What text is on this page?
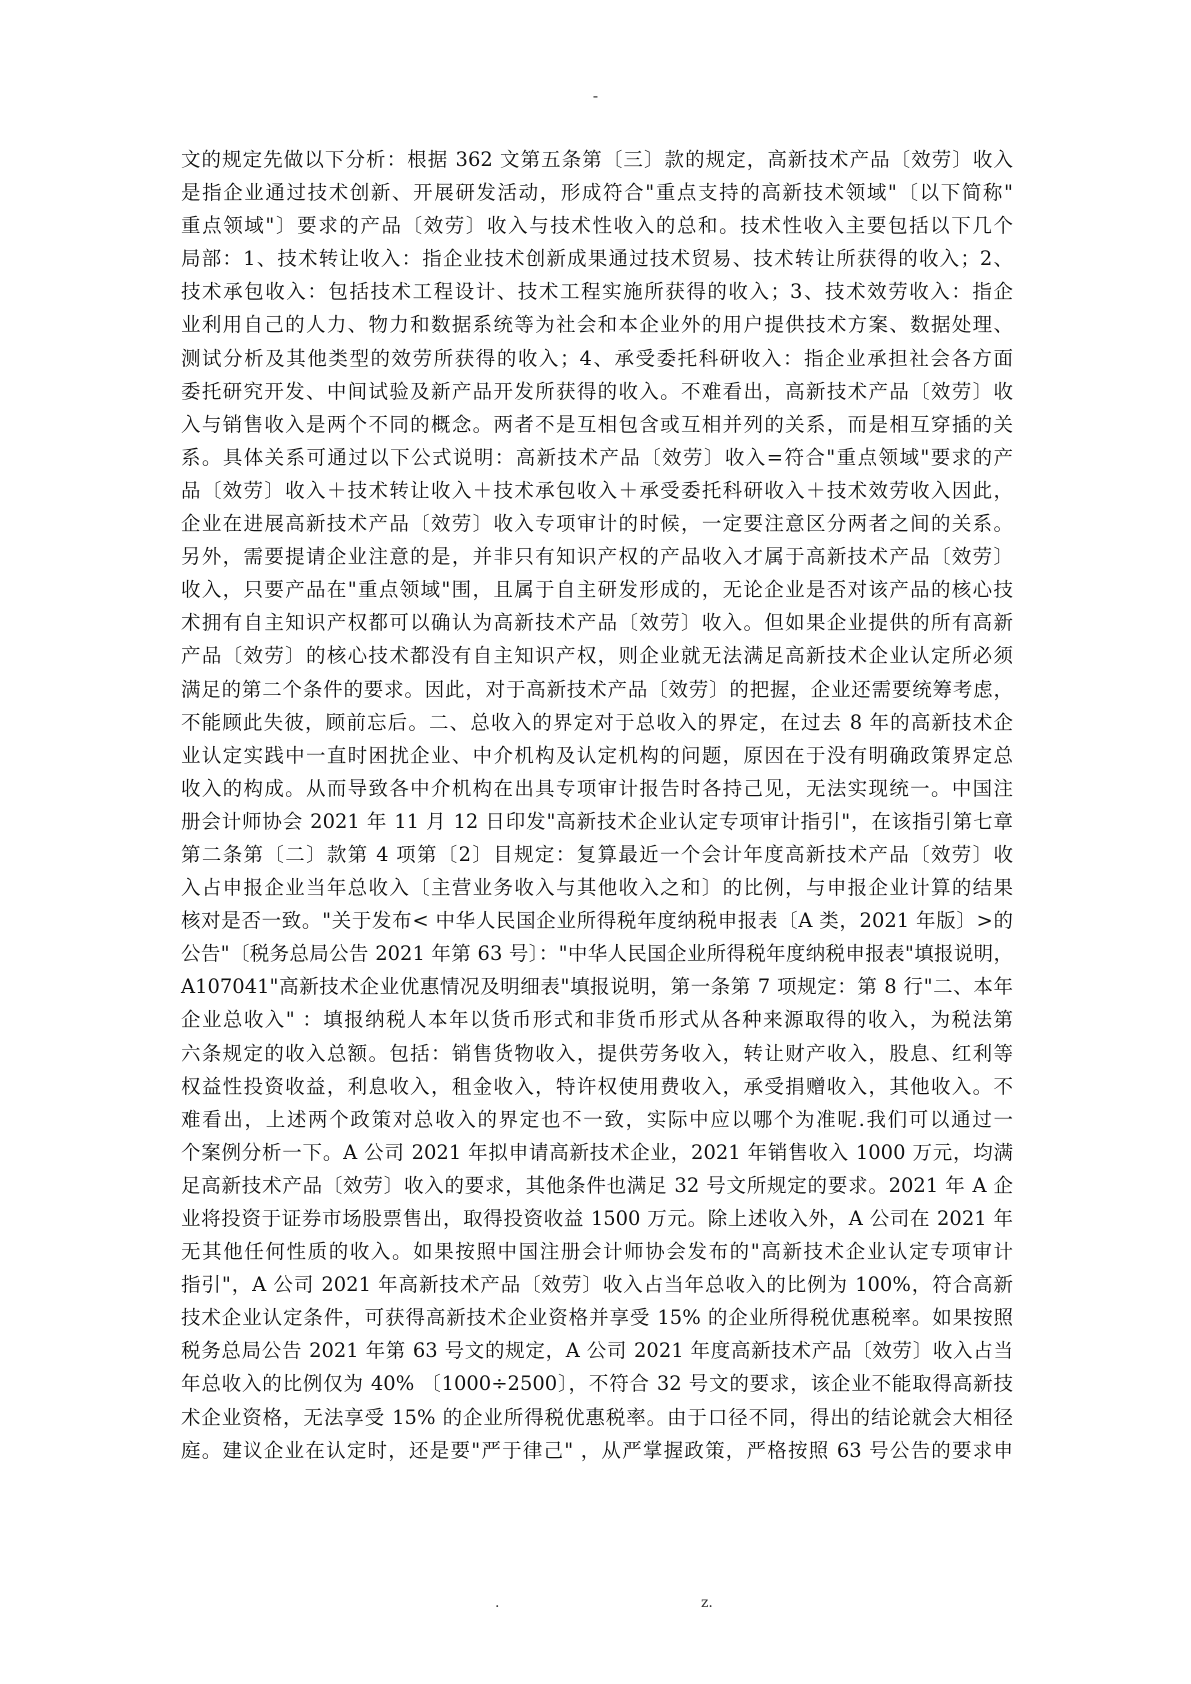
-
文的规定先做以下分析：根据 362 文第五条第〔三〕款的规定，高新技术产品〔效劳〕收入
是指企业通过技术创新、开展研发活动，形成符合"重点支持的高新技术领域"〔以下简称"
重点领域"〕要求的产品〔效劳〕收入与技术性收入的总和。技术性收入主要包括以下几个
局部：1、技术转让收入：指企业技术创新成果通过技术贸易、技术转让所获得的收入；2、
技术承包收入：包括技术工程设计、技术工程实施所获得的收入；3、技术效劳收入：指企
业利用自己的人力、物力和数据系统等为社会和本企业外的用户提供技术方案、数据处理、
测试分析及其他类型的效劳所获得的收入；4、承受委托科研收入：指企业承担社会各方面
委托研究开发、中间试验及新产品开发所获得的收入。不难看出，高新技术产品〔效劳〕收
入与销售收入是两个不同的概念。两者不是互相包含或互相并列的关系，而是相互穿插的关
系。具体关系可通过以下公式说明：高新技术产品〔效劳〕收入=符合"重点领域"要求的产
品〔效劳〕收入＋技术转让收入＋技术承包收入＋承受委托科研收入＋技术效劳收入因此，
企业在进展高新技术产品〔效劳〕收入专项审计的时候，一定要注意区分两者之间的关系。
另外，需要提请企业注意的是，并非只有知识产权的产品收入才属于高新技术产品〔效劳〕
收入，只要产品在"重点领域"围，且属于自主研发形成的，无论企业是否对该产品的核心技
术拥有自主知识产权都可以确认为高新技术产品〔效劳〕收入。但如果企业提供的所有高新
产品〔效劳〕的核心技术都没有自主知识产权，则企业就无法满足高新技术企业认定所必须
满足的第二个条件的要求。因此，对于高新技术产品〔效劳〕的把握，企业还需要统筹考虑，
不能顾此失彼，顾前忘后。二、总收入的界定对于总收入的界定，在过去 8 年的高新技术企
业认定实践中一直时困扰企业、中介机构及认定机构的问题，原因在于没有明确政策界定总
收入的构成。从而导致各中介机构在出具专项审计报告时各持己见，无法实现统一。中国注
册会计师协会 2021 年 11 月 12 日印发"高新技术企业认定专项审计指引"，在该指引第七章
第二条第〔二〕款第 4 项第〔2〕目规定：复算最近一个会计年度高新技术产品〔效劳〕收
入占申报企业当年总收入〔主营业务收入与其他收入之和〕的比例，与申报企业计算的结果
核对是否一致。"关于发布< 中华人民国企业所得税年度纳税申报表〔A 类，2021 年版〕>的
公告"〔税务总局公告 2021 年第 63 号〕："中华人民国企业所得税年度纳税申报表"填报说明，
A107041"高新技术企业优惠情况及明细表"填报说明，第一条第 7 项规定：第 8 行"二、本年
企业总收入" ：填报纳税人本年以货币形式和非货币形式从各种来源取得的收入，为税法第
六条规定的收入总额。包括：销售货物收入，提供劳务收入，转让财产收入，股息、红利等
权益性投资收益，利息收入，租金收入，特许权使用费收入，承受捐赠收入，其他收入。不
难看出，上述两个政策对总收入的界定也不一致，实际中应以哪个为准呢.我们可以通过一
个案例分析一下。A 公司 2021 年拟申请高新技术企业，2021 年销售收入 1000 万元，均满
足高新技术产品〔效劳〕收入的要求，其他条件也满足 32 号文所规定的要求。2021 年 A 企
业将投资于证券市场股票售出，取得投资收益 1500 万元。除上述收入外，A 公司在 2021 年
无其他任何性质的收入。如果按照中国注册会计师协会发布的"高新技术企业认定专项审计
指引"，A 公司 2021 年高新技术产品〔效劳〕收入占当年总收入的比例为 100%，符合高新
技术企业认定条件，可获得高新技术企业资格并享受 15% 的企业所得税优惠税率。如果按照
税务总局公告 2021 年第 63 号文的规定，A 公司 2021 年度高新技术产品〔效劳〕收入占当
年总收入的比例仅为 40% 〔1000÷2500〕，不符合 32 号文的要求，该企业不能取得高新技
术企业资格，无法享受 15% 的企业所得税优惠税率。由于口径不同，得出的结论就会大相径
庭。建议企业在认定时，还是要"严于律己" ，从严掌握政策，严格按照 63 号公告的要求申
.	z.
